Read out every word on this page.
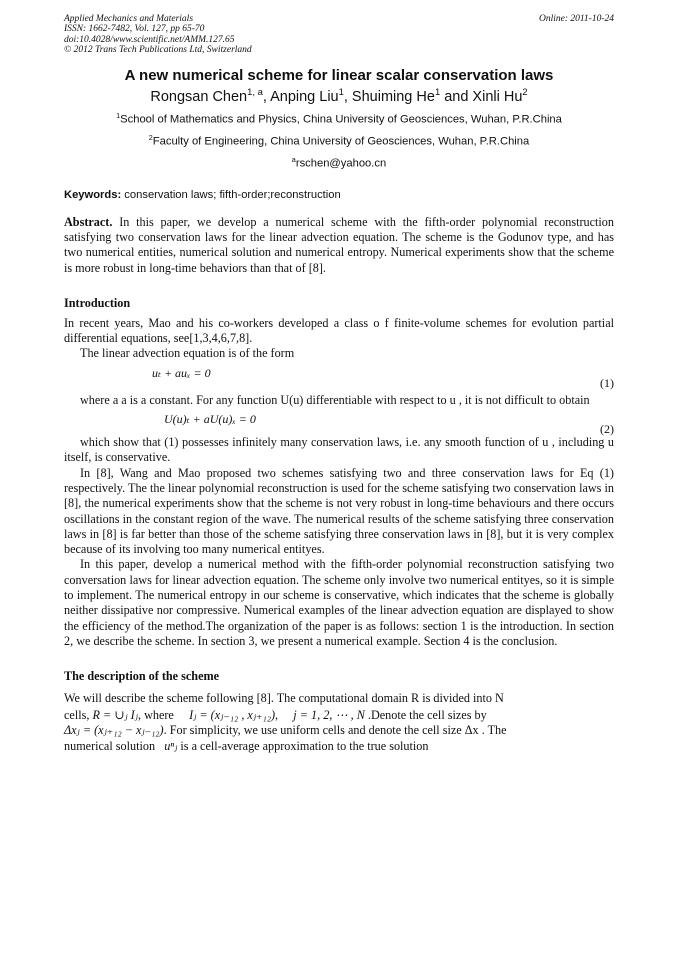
Applied Mechanics and Materials
ISSN: 1662-7482, Vol. 127, pp 65-70
doi:10.4028/www.scientific.net/AMM.127.65
© 2012 Trans Tech Publications Ltd, Switzerland
Online: 2011-10-24
A new numerical scheme for linear scalar conservation laws
Rongsan Chen$^{1, a}$, Anping Liu$^1$, Shuiming He$^1$ and Xinli Hu$^2$
$^1$School of Mathematics and Physics, China University of Geosciences, Wuhan, P.R.China
$^2$Faculty of Engineering, China University of Geosciences, Wuhan, P.R.China
$^a$rschen@yahoo.cn
Keywords: conservation laws; fifth-order;reconstruction

Abstract. In this paper, we develop a numerical scheme with the fifth-order polynomial reconstruction satisfying two conservation laws for the linear advection equation. The scheme is the Godunov type, and has two numerical entities, numerical solution and numerical entropy. Numerical experiments show that the scheme is more robust in long-time behaviors than that of [8].

Introduction

In recent years, Mao and his co-workers developed a class o f finite-volume schemes for evolution partial differential equations, see[1,3,4,6,7,8].

The linear advection equation is of the form

uₜ + auₓ = 0
(1)

where a a is a constant. For any function U(u) differentiable with respect to u , it is not difficult to obtain

U(u)ₜ + aU(u)ₓ = 0
(2)

which show that (1) possesses infinitely many conservation laws, i.e. any smooth function of u , including u itself, is conservative.

In [8], Wang and Mao proposed two schemes satisfying two and three conservation laws for Eq (1) respectively. The the linear polynomial reconstruction is used for the scheme satisfying two conservation laws in [8], the numerical experiments show that the scheme is not very robust in long-time behaviours and there occurs oscillations in the constant region of the wave. The numerical results of the scheme satisfying three conservation laws in [8] is far better than those of the scheme satisfying three conservation laws in [8], but it is very complex because of its involving too many numerical entityes.

In this paper, develop a numerical method with the fifth-order polynomial reconstruction satisfying two conversation laws for linear advection equation. The scheme only involve two numerical entityes, so it is simple to implement. The numerical entropy in our scheme is conservative, which indicates that the scheme is globally neither dissipative nor compressive. Numerical examples of the linear advection equation are displayed to show the efficiency of the method.The organization of the paper is as follows: section 1 is the introduction. In section 2, we describe the scheme. In section 3, we present a numerical example. Section 4 is the conclusion.

The description of the scheme

We will describe the scheme following [8]. The computational domain R is divided into N
cells, R = ∪ⱼ Iⱼ, where Iⱼ = (xⱼ₋₁₂ , xⱼ₊₁₂), j = 1, 2, ⋯ , N .Denote the cell sizes by
Δxⱼ = (xⱼ₊₁₂ − xⱼ₋₁₂). For simplicity, we use uniform cells and denote the cell size Δx . The
numerical solution uⁿⱼ is a cell-average approximation to the true solution
